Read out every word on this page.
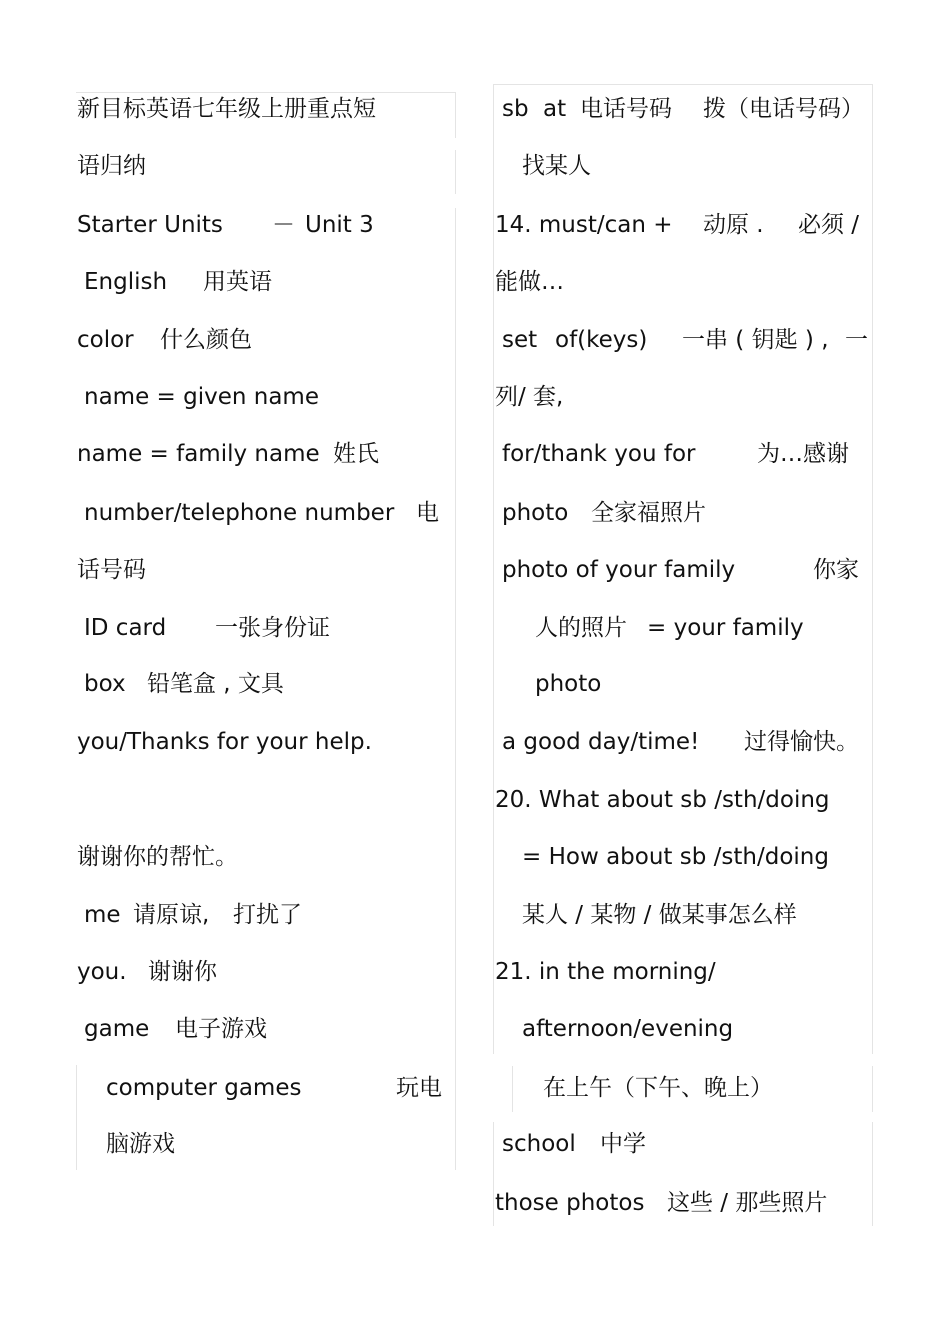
新目标英语七年级上册重点短
语归纳
Starter Units － Unit 3
English 用英语
color 什么颜色
name = given name
name = family name 姓氏
number/telephone number 电
话号码
ID card 一张身份证
box 铅笔盒 , 文具
you/Thanks for your help.
谢谢你的帮忙。
me 请原谅, 打扰了
you. 谢谢你
game 电子游戏
computer games	玩电
脑游戏
sb at 电话号码 拨（电话号码）
找某人
14. must/can + 动原 . 必须 /
能做…
set of(keys) 一串 ( 钥匙 ) , 一
列/ 套,
for/thank you for	为…感谢
photo 全家福照片
photo of your family	你家
人的照片 = your family
photo
a good day/time! 过得愉快。
20. What about sb /sth/doing
= How about sb /sth/doing
某人 / 某物 / 做某事怎么样
21. in the morning/
afternoon/evening
在上午（下午、晚上）
school 中学
those photos 这些 / 那些照片
